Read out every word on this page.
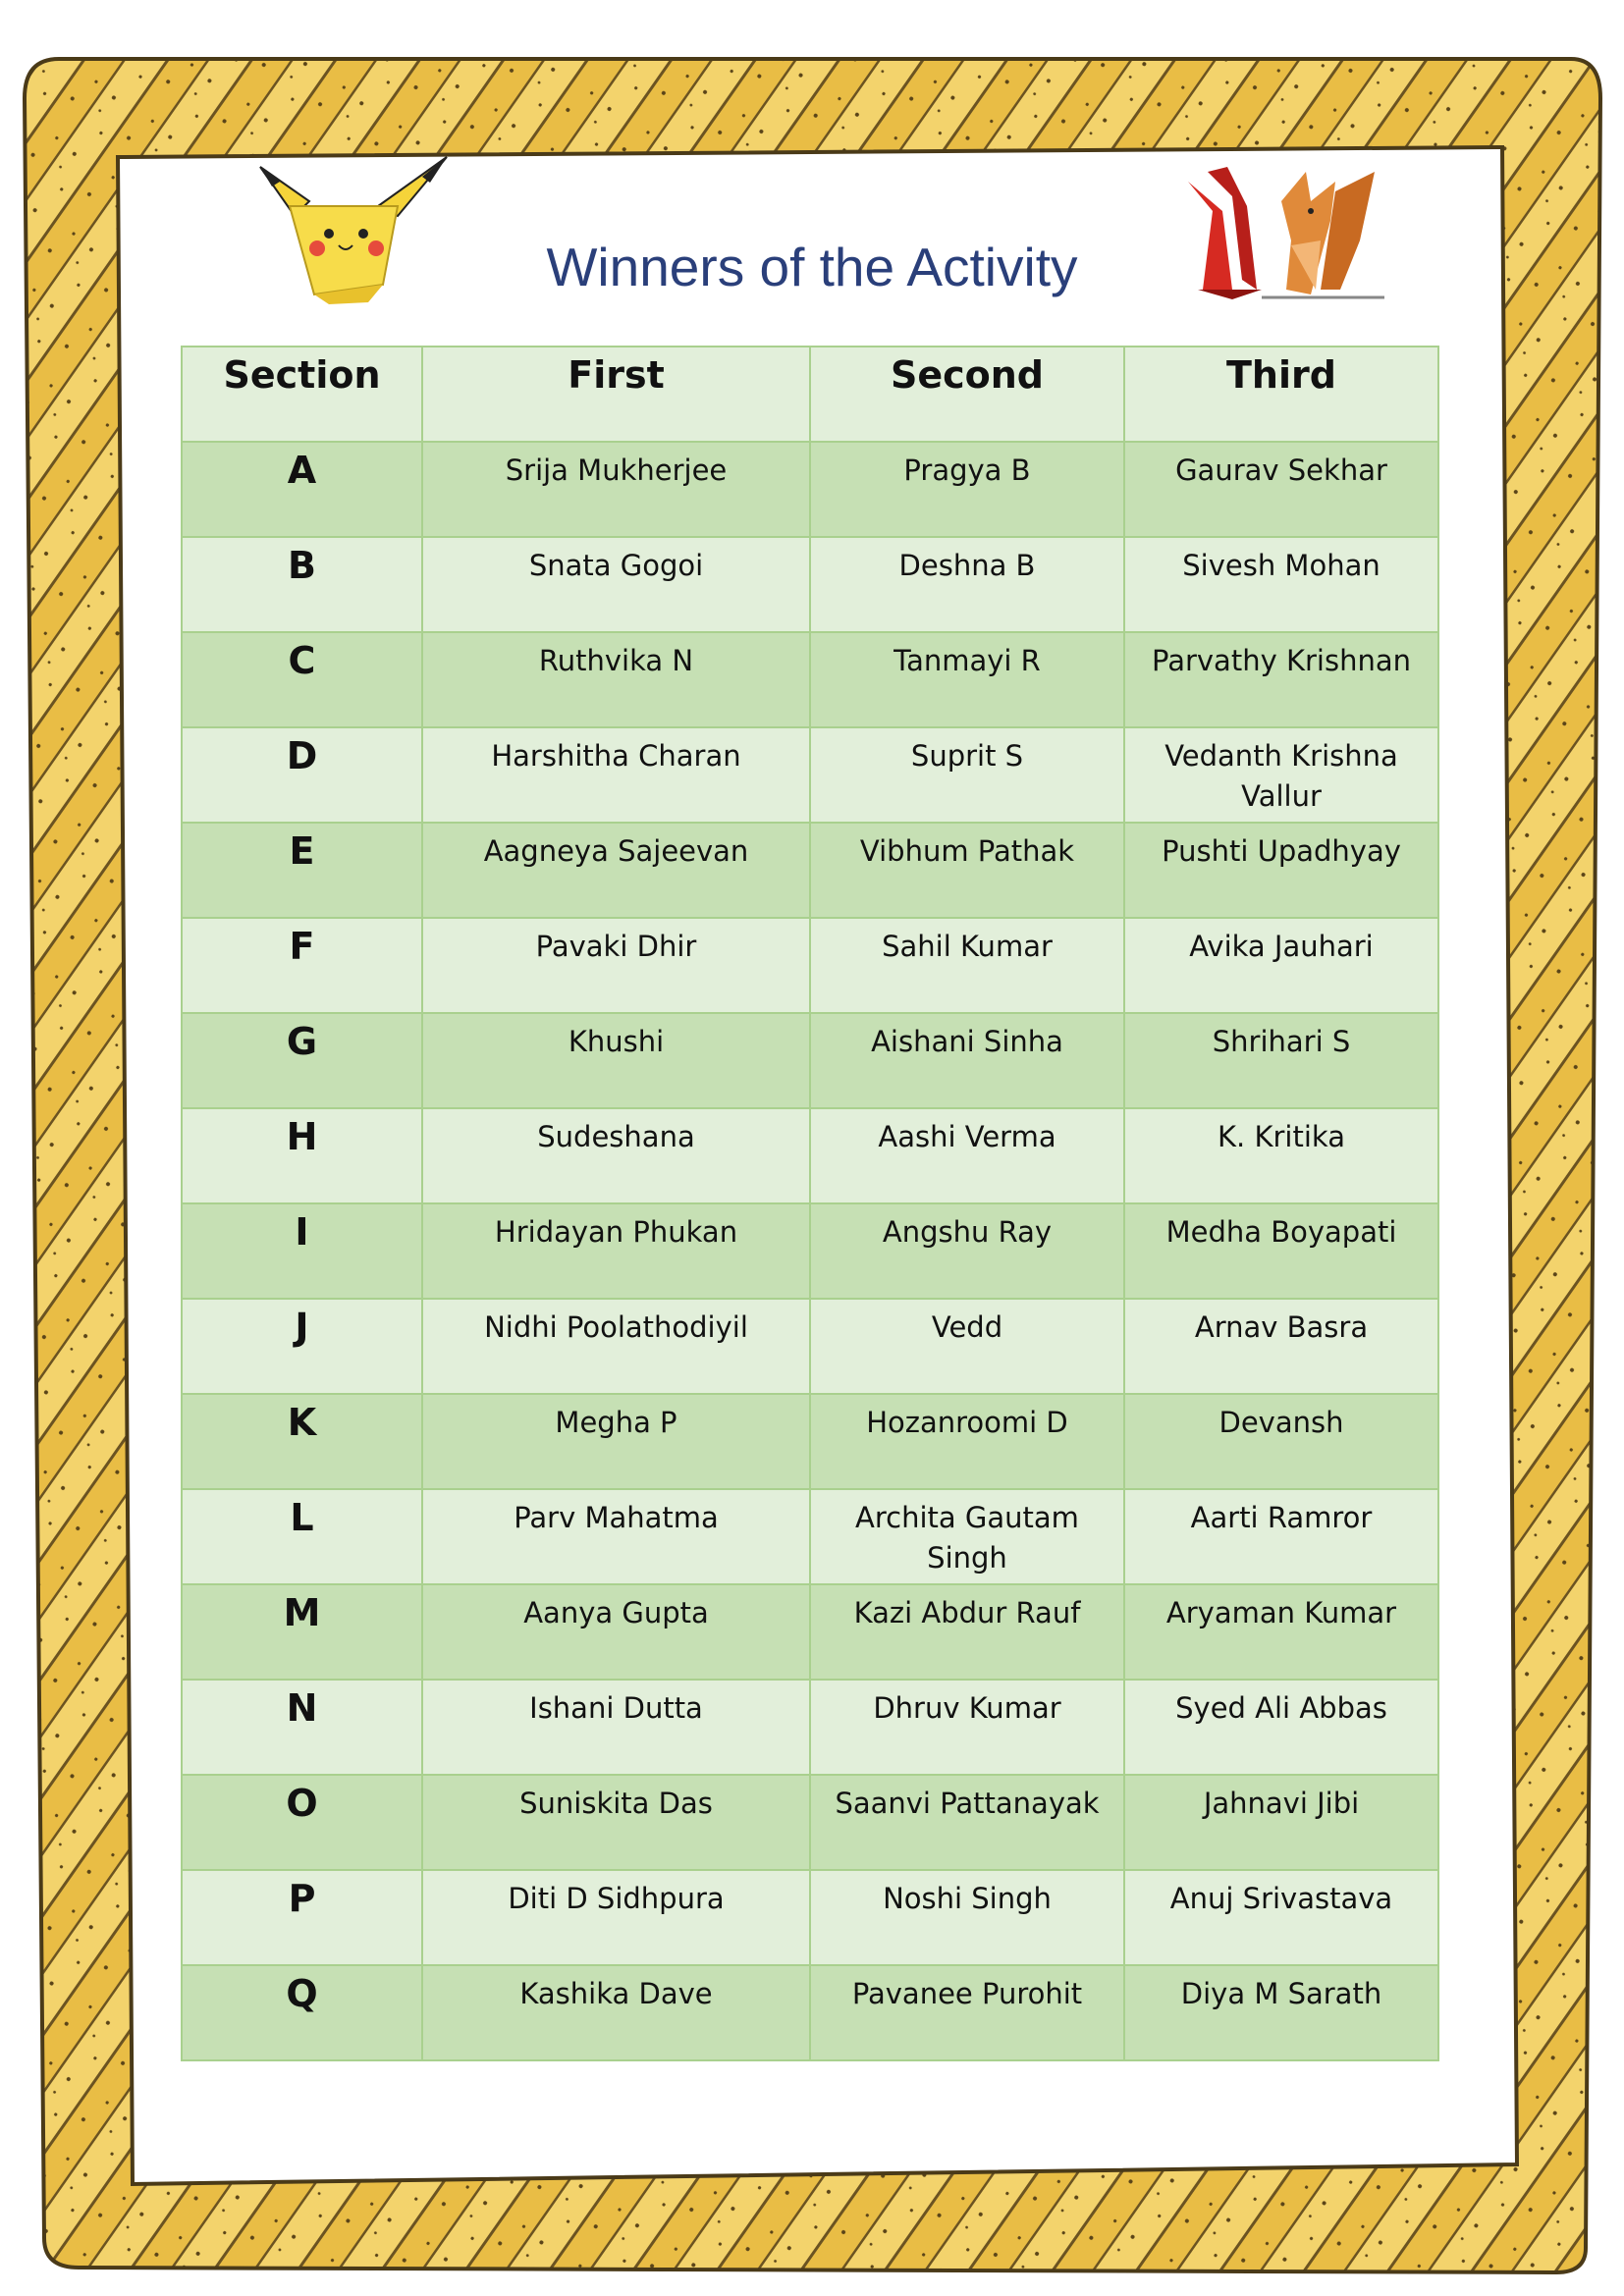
Winners of the Activity
Section	First	Second	Third
A	Srija Mukherjee	Pragya B	Gaurav Sekhar
B	Snata Gogoi	Deshna B	Sivesh Mohan
C	Ruthvika N	Tanmayi R	Parvathy Krishnan
D	Harshitha Charan	Suprit S	Vedanth Krishna Vallur
E	Aagneya Sajeevan	Vibhum Pathak	Pushti Upadhyay
F	Pavaki Dhir	Sahil Kumar	Avika Jauhari
G	Khushi	Aishani Sinha	Shrihari S
H	Sudeshana	Aashi Verma	K. Kritika
I	Hridayan Phukan	Angshu Ray	Medha Boyapati
J	Nidhi Poolathodiyil	Vedd	Arnav Basra
K	Megha P	Hozanroomi D	Devansh
L	Parv Mahatma	Archita Gautam Singh	Aarti Ramror
M	Aanya Gupta	Kazi Abdur Rauf	Aryaman Kumar
N	Ishani Dutta	Dhruv Kumar	Syed Ali Abbas
O	Suniskita Das	Saanvi Pattanayak	Jahnavi Jibi
P	Diti D Sidhpura	Noshi Singh	Anuj Srivastava
Q	Kashika Dave	Pavanee Purohit	Diya M Sarath
